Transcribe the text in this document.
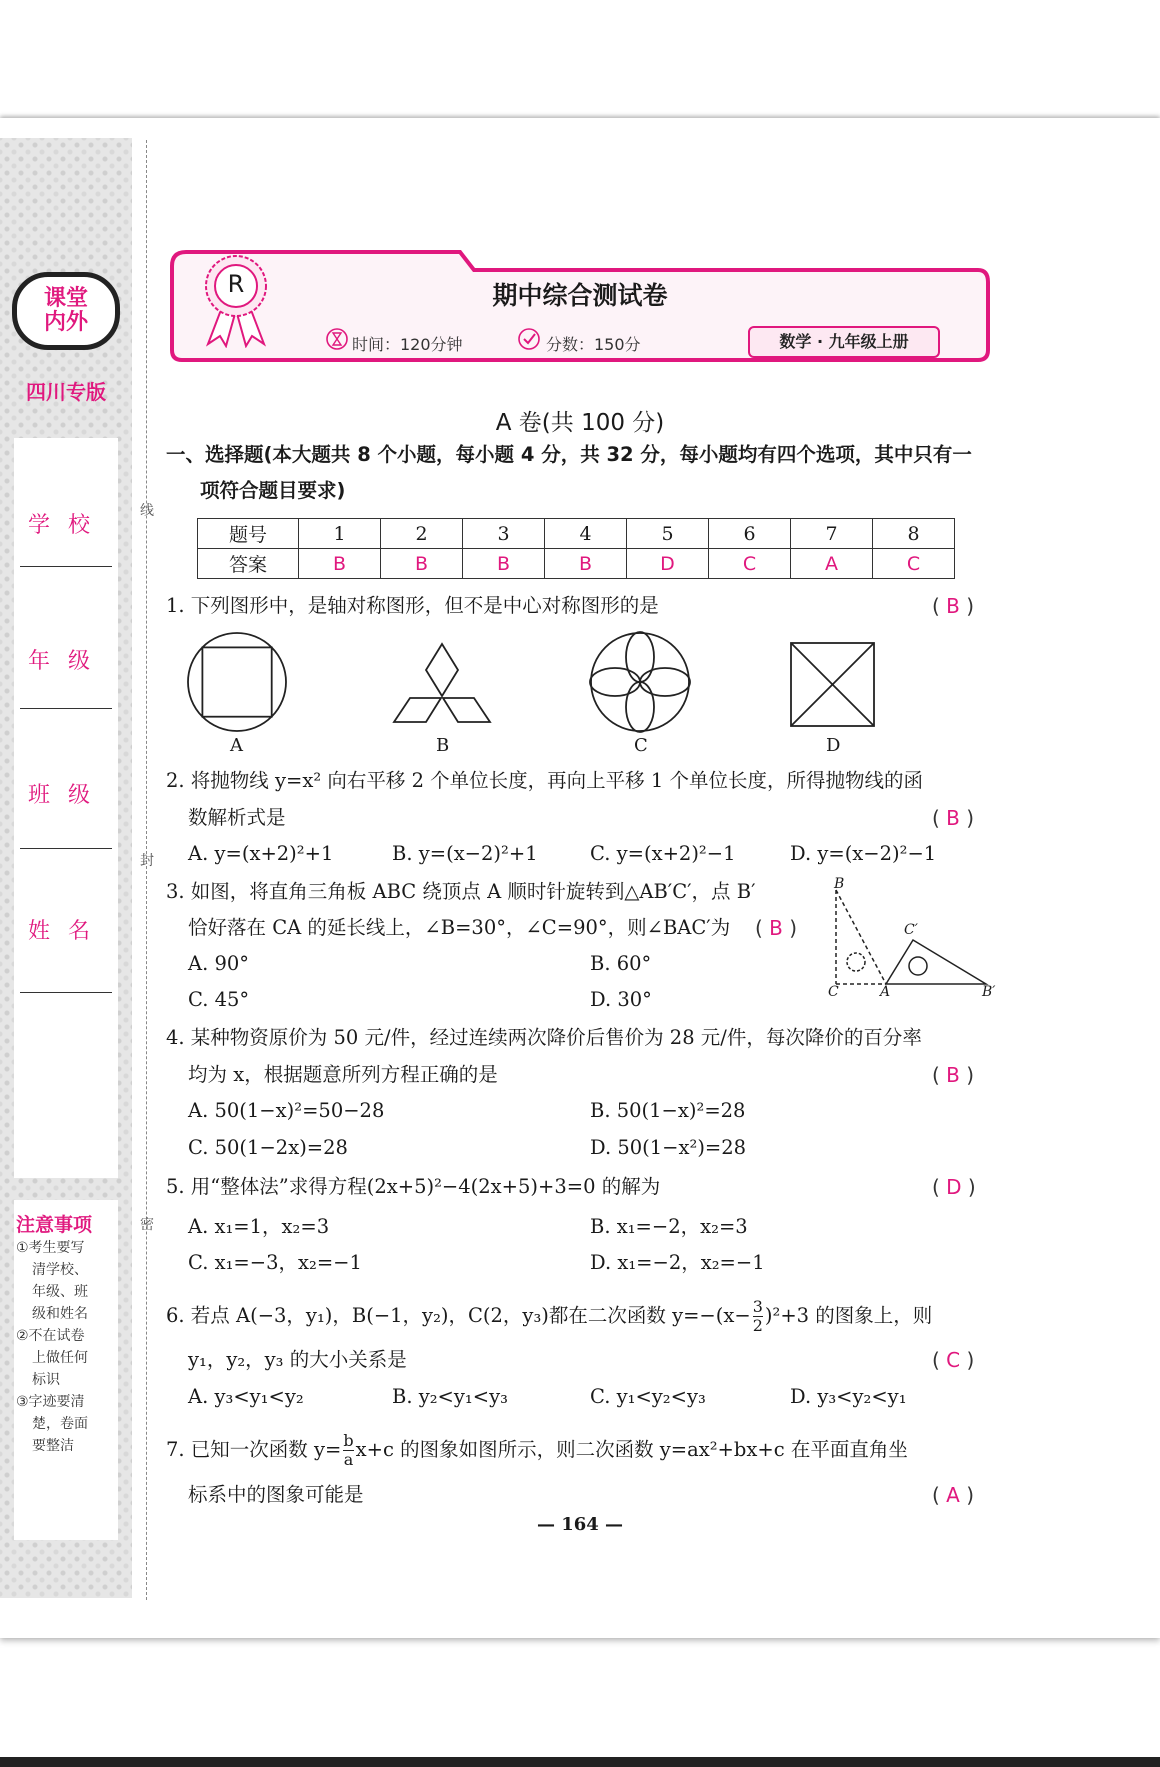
课堂
内外
四川专版
学校
年级
班级
姓名
注意事项
①考生要写
清学校、
年级、班
级和姓名
②不在试卷
上做任何
标识
③字迹要清
楚，卷面
要整洁
线
封
密
R	期中综合测试卷
时间：120分钟	分数：150分	数学 · 九年级上册
A 卷(共 100 分)
一、选择题(本大题共 8 个小题，每小题 4 分，共 32 分，每小题均有四个选项，其中只有一
项符合题目要求)
题号	1	2	3	4	5	6	7	8
答案	B	B	B	B	D	C	A	C
1. 下列图形中，是轴对称图形，但不是中心对称图形的是	( B )
A	B	C	D
2. 将抛物线 y=x² 向右平移 2 个单位长度，再向上平移 1 个单位长度，所得抛物线的函
数解析式是	( B )
A. y=(x+2)²+1	B. y=(x−2)²+1	C. y=(x+2)²−1	D. y=(x−2)²−1
3. 如图，将直角三角板 ABC 绕顶点 A 顺时针旋转到△AB′C′，点 B′
恰好落在 CA 的延长线上，∠B=30°，∠C=90°，则∠BAC′为 ( B )
A. 90°	B. 60°
C. 45°	D. 30°
B
C′
C	A	B′
4. 某种物资原价为 50 元/件，经过连续两次降价后售价为 28 元/件，每次降价的百分率
均为 x，根据题意所列方程正确的是	( B )
A. 50(1−x)²=50−28	B. 50(1−x)²=28
C. 50(1−2x)=28	D. 50(1−x²)=28
5. 用“整体法”求得方程(2x+5)²−4(2x+5)+3=0 的解为	( D )
A. x₁=1，x₂=3	B. x₁=−2，x₂=3
C. x₁=−3，x₂=−1	D. x₁=−2，x₂=−1
6. 若点 A(−3，y₁)，B(−1，y₂)，C(2，y₃)都在二次函数 $y=-(x- \frac{3}{2} )^2+3$ 的图象上，则
y₁，y₂，y₃ 的大小关系是	( C )
A. y₃<y₁<y₂	B. y₂<y₁<y₃	C. y₁<y₂<y₃	D. y₃<y₂<y₁
7. 已知一次函数 $y= \frac{b}{a} x+c$ 的图象如图所示，则二次函数 y=ax²+bx+c 在平面直角坐
标系中的图象可能是	( A )
— 164 —
